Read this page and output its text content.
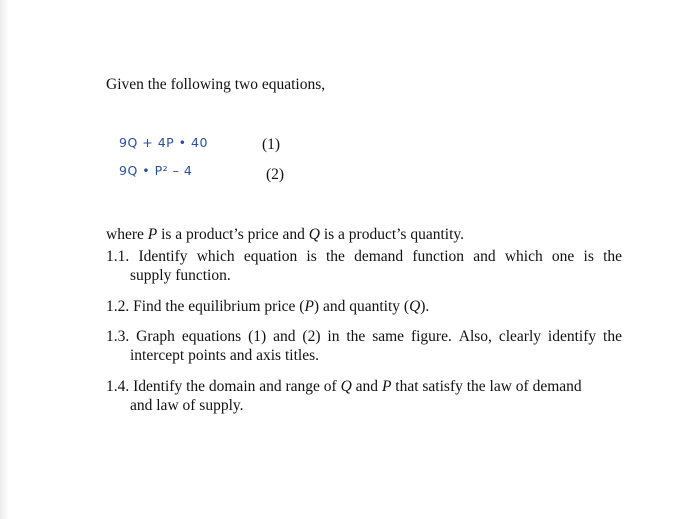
Given the following two equations,
9Q + 4P • 40	(1)
9Q • P² – 4	(2)
where P is a product’s price and Q is a product’s quantity.
1.1. Identify which equation is the demand function and which one is the
supply function.
1.2. Find the equilibrium price (P) and quantity (Q).
1.3. Graph equations (1) and (2) in the same figure. Also, clearly identify the
intercept points and axis titles.
1.4. Identify the domain and range of Q and P that satisfy the law of demand
and law of supply.
